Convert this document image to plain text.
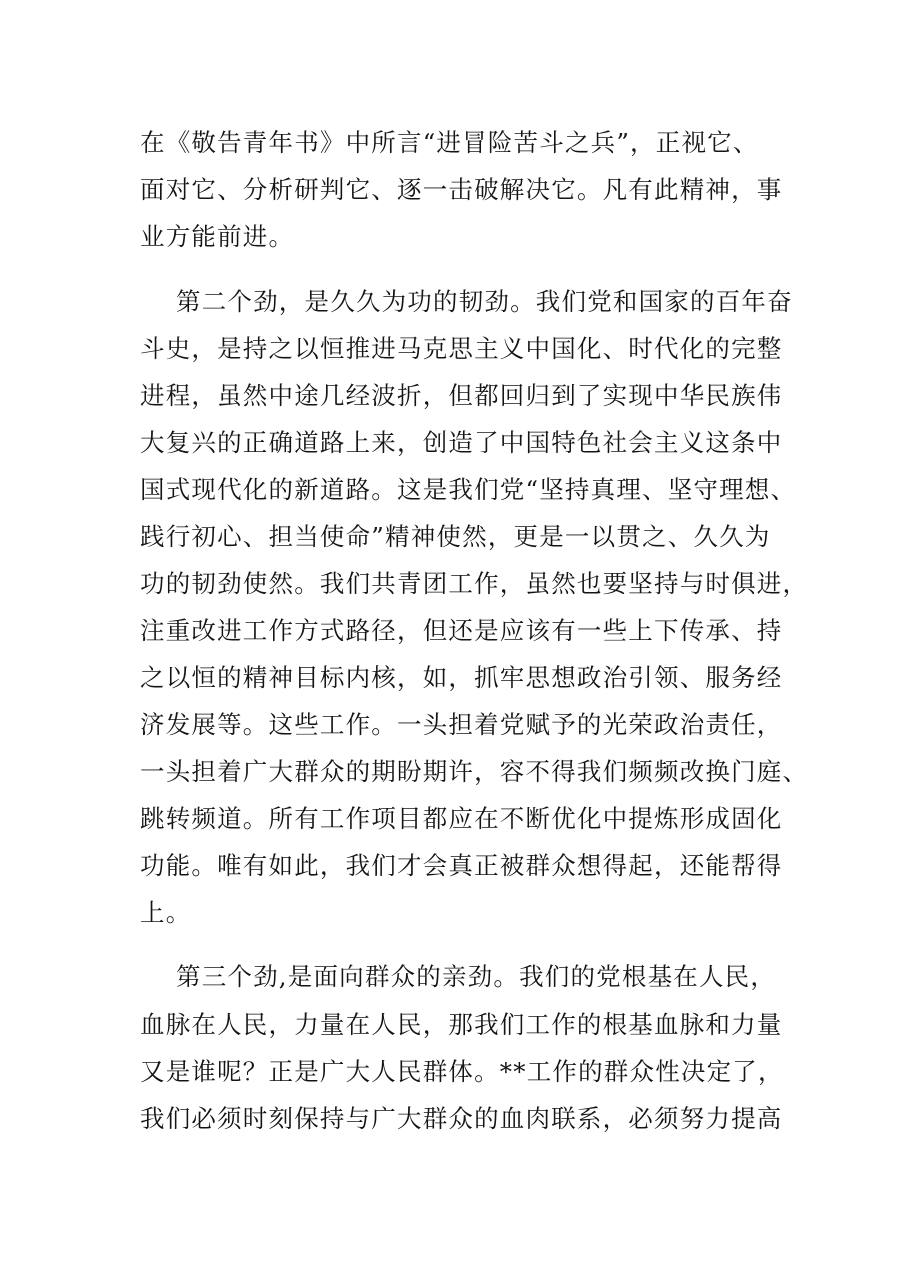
在《敬告青年书》中所言“进冒险苦斗之兵”，正视它、
面对它、分析研判它、逐一击破解决它。凡有此精神，事
业方能前进。
第二个劲，是久久为功的韧劲。我们党和国家的百年奋
斗史，是持之以恒推进马克思主义中国化、时代化的完整
进程，虽然中途几经波折，但都回归到了实现中华民族伟
大复兴的正确道路上来，创造了中国特色社会主义这条中
国式现代化的新道路。这是我们党“坚持真理、坚守理想、
践行初心、担当使命”精神使然，更是一以贯之、久久为
功的韧劲使然。我们共青团工作，虽然也要坚持与时俱进，
注重改进工作方式路径，但还是应该有一些上下传承、持
之以恒的精神目标内核，如，抓牢思想政治引领、服务经
济发展等。这些工作。一头担着党赋予的光荣政治责任，
一头担着广大群众的期盼期许，容不得我们频频改换门庭、
跳转频道。所有工作项目都应在不断优化中提炼形成固化
功能。唯有如此，我们才会真正被群众想得起，还能帮得
上。
第三个劲,是面向群众的亲劲。我们的党根基在人民，
血脉在人民，力量在人民，那我们工作的根基血脉和力量
又是谁呢？正是广大人民群体。**工作的群众性决定了，
我们必须时刻保持与广大群众的血肉联系，必须努力提高
